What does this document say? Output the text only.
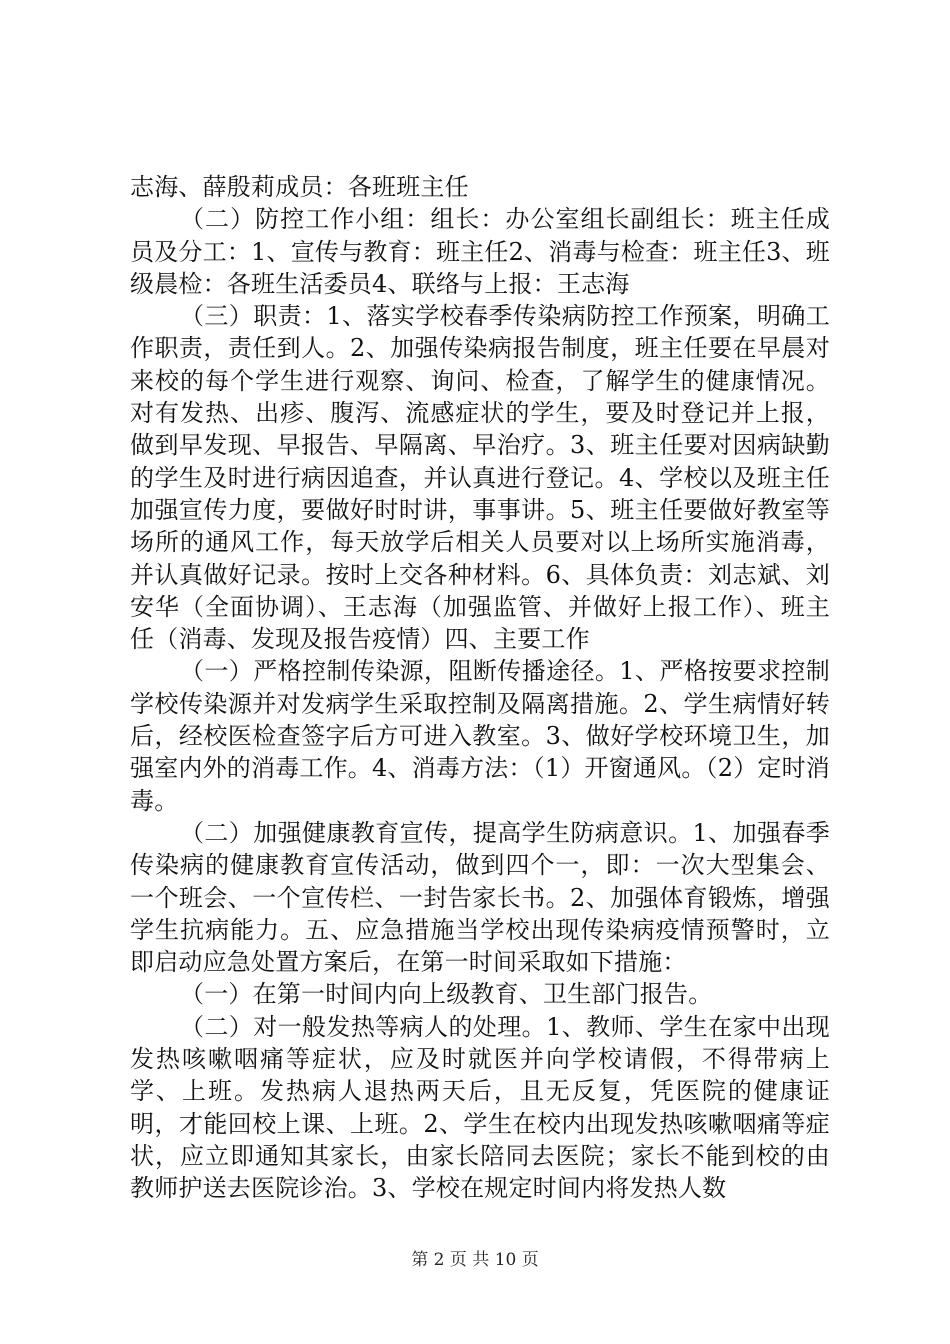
志海、薛殷莉成员：各班班主任

（二）防控工作小组：组长：办公室组长副组长：班主任成员及分工：1、宣传与教育：班主任2、消毒与检查：班主任3、班级晨检：各班生活委员4、联络与上报：王志海

（三）职责：1、落实学校春季传染病防控工作预案，明确工作职责，责任到人。2、加强传染病报告制度，班主任要在早晨对来校的每个学生进行观察、询问、检查，了解学生的健康情况。对有发热、出疹、腹泻、流感症状的学生，要及时登记并上报，做到早发现、早报告、早隔离、早治疗。3、班主任要对因病缺勤的学生及时进行病因追查，并认真进行登记。4、学校以及班主任加强宣传力度，要做好时时讲，事事讲。5、班主任要做好教室等场所的通风工作，每天放学后相关人员要对以上场所实施消毒，并认真做好记录。按时上交各种材料。6、具体负责：刘志斌、刘安华（全面协调）、王志海（加强监管、并做好上报工作）、班主任（消毒、发现及报告疫情）四、主要工作

（一）严格控制传染源，阻断传播途径。1、严格按要求控制学校传染源并对发病学生采取控制及隔离措施。2、学生病情好转后，经校医检查签字后方可进入教室。3、做好学校环境卫生，加强室内外的消毒工作。4、消毒方法：（1）开窗通风。（2）定时消毒。

（二）加强健康教育宣传，提高学生防病意识。1、加强春季传染病的健康教育宣传活动，做到四个一，即：一次大型集会、一个班会、一个宣传栏、一封告家长书。2、加强体育锻炼，增强学生抗病能力。五、应急措施当学校出现传染病疫情预警时，立即启动应急处置方案后，在第一时间采取如下措施：

（一）在第一时间内向上级教育、卫生部门报告。

（二）对一般发热等病人的处理。1、教师、学生在家中出现发热咳嗽咽痛等症状，应及时就医并向学校请假，不得带病上学、上班。发热病人退热两天后，且无反复，凭医院的健康证明，才能回校上课、上班。2、学生在校内出现发热咳嗽咽痛等症状，应立即通知其家长，由家长陪同去医院；家长不能到校的由教师护送去医院诊治。3、学校在规定时间内将发热人数

第 2 页 共 10 页
